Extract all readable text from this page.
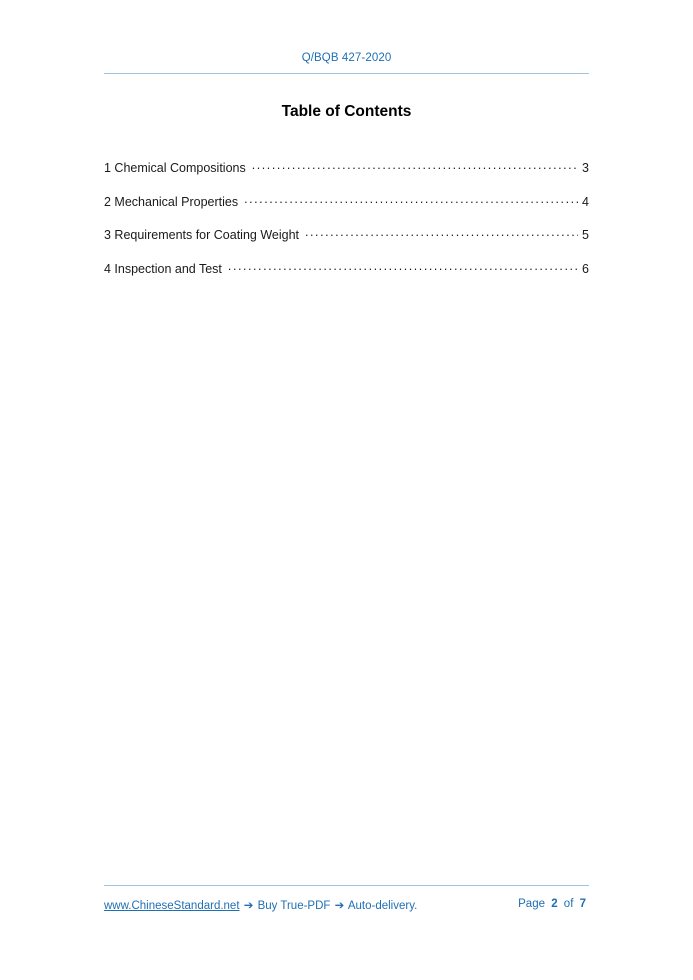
Q/BQB 427-2020
Table of Contents
1 Chemical Compositions .....	3
2 Mechanical Properties .....	4
3 Requirements for Coating Weight .....	5
4 Inspection and Test .....	6
www.ChineseStandard.net ➔ Buy True-PDF ➔ Auto-delivery.	Page 2 of 7
